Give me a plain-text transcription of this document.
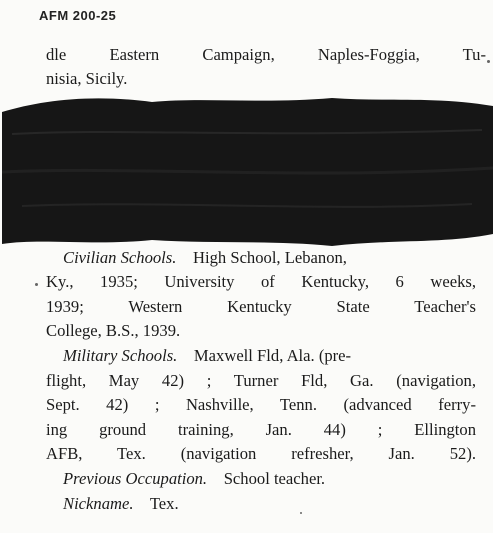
AFM 200-25
dle Eastern Campaign, Naples-Foggia, Tu-
nisia, Sicily.
Civilian Schools. High School, Lebanon,
Ky., 1935; University of Kentucky, 6 weeks,
1939; Western Kentucky State Teacher's
College, B.S., 1939.
Military Schools. Maxwell Fld, Ala. (pre-
flight, May 42) ; Turner Fld, Ga. (navigation,
Sept. 42) ; Nashville, Tenn. (advanced ferry-
ing ground training, Jan. 44) ; Ellington
AFB, Tex. (navigation refresher, Jan. 52).
Previous Occupation. School teacher.
Nickname. Tex.
